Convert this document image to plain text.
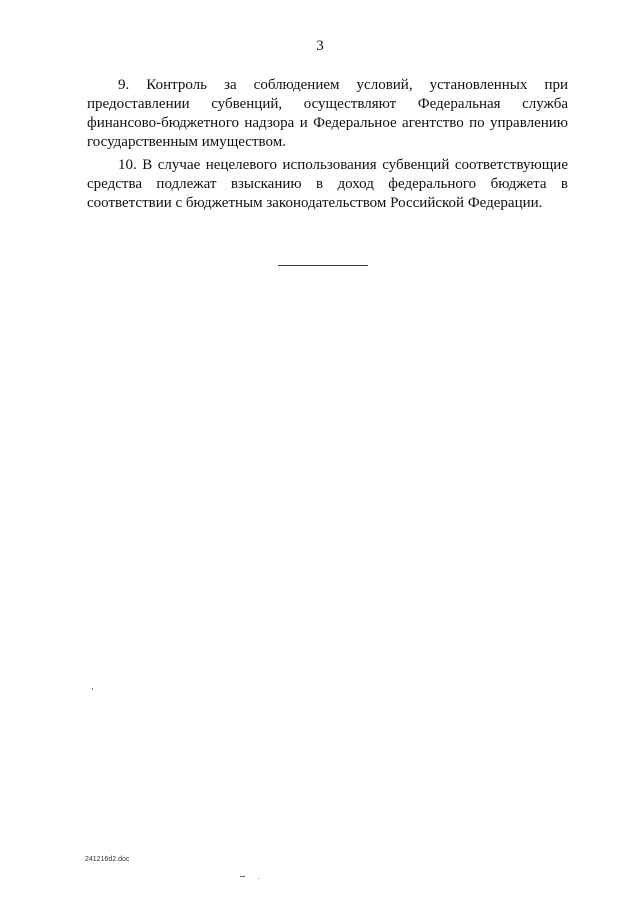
3

9. Контроль за соблюдением условий, установленных при предоставлении субвенций, осуществляют Федеральная служба финансово-бюджетного надзора и Федеральное агентство по управлению государственным имуществом.

10. В случае нецелевого использования субвенций соответствующие средства подлежат взысканию в доход федерального бюджета в соответствии с бюджетным законодательством Российской Федерации.

241216d2.doc
